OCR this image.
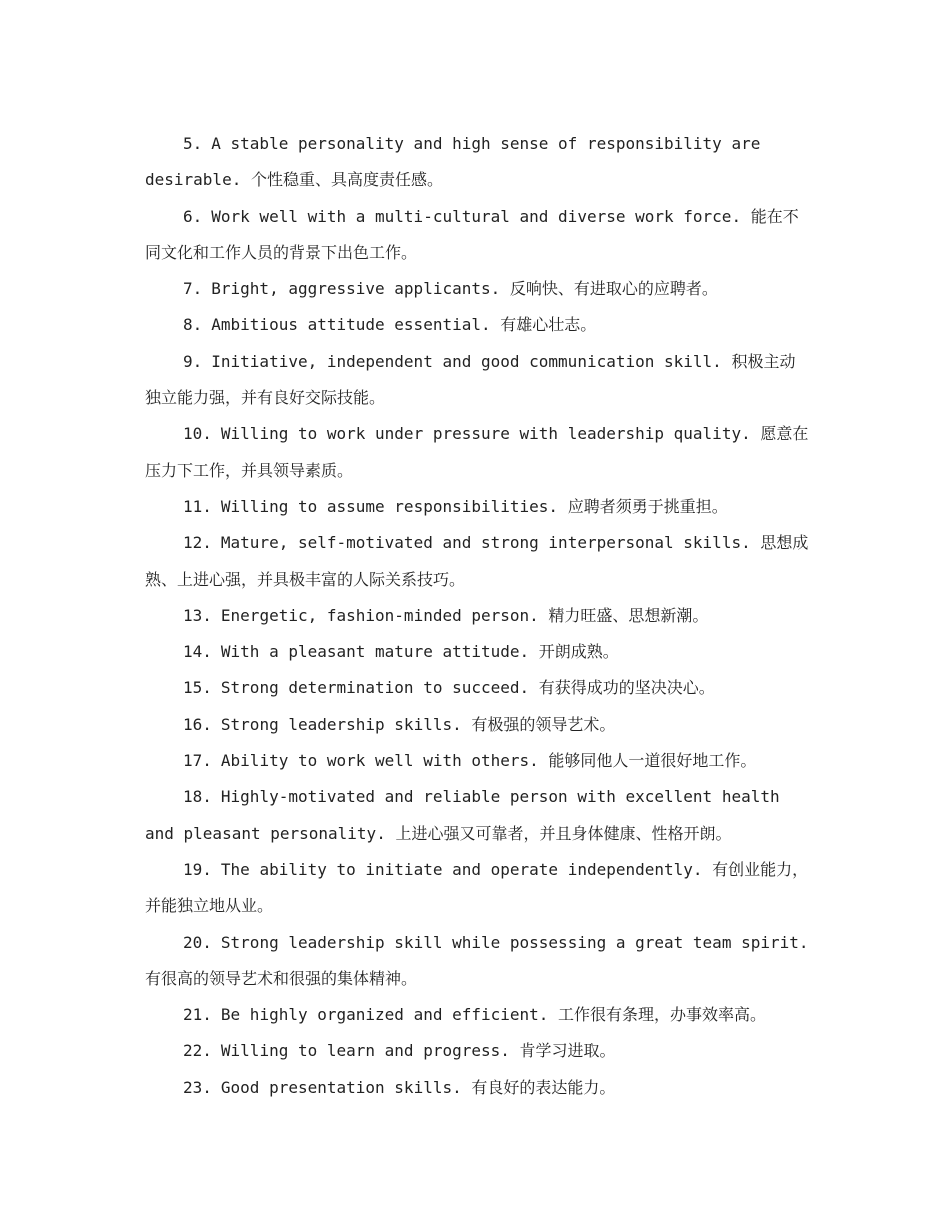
5. A stable personality and high sense of responsibility are desirable. 个性稳重、具高度责任感。

6. Work well with a multi-cultural and diverse work force. 能在不同文化和工作人员的背景下出色工作。

7. Bright, aggressive applicants. 反响快、有进取心的应聘者。

8. Ambitious attitude essential. 有雄心壮志。

9. Initiative, independent and good communication skill. 积极主动独立能力强，并有良好交际技能。

10. Willing to work under pressure with leadership quality. 愿意在压力下工作，并具领导素质。

11. Willing to assume responsibilities. 应聘者须勇于挑重担。

12. Mature, self-motivated and strong interpersonal skills. 思想成熟、上进心强，并具极丰富的人际关系技巧。

13. Energetic, fashion-minded person. 精力旺盛、思想新潮。

14. With a pleasant mature attitude. 开朗成熟。

15. Strong determination to succeed. 有获得成功的坚决决心。

16. Strong leadership skills. 有极强的领导艺术。

17. Ability to work well with others. 能够同他人一道很好地工作。

18. Highly-motivated and reliable person with excellent health and pleasant personality. 上进心强又可靠者，并且身体健康、性格开朗。

19. The ability to initiate and operate independently. 有创业能力，并能独立地从业。

20. Strong leadership skill while possessing a great team spirit. 有很高的领导艺术和很强的集体精神。

21. Be highly organized and efficient. 工作很有条理，办事效率高。

22. Willing to learn and progress. 肯学习进取。

23. Good presentation skills. 有良好的表达能力。
